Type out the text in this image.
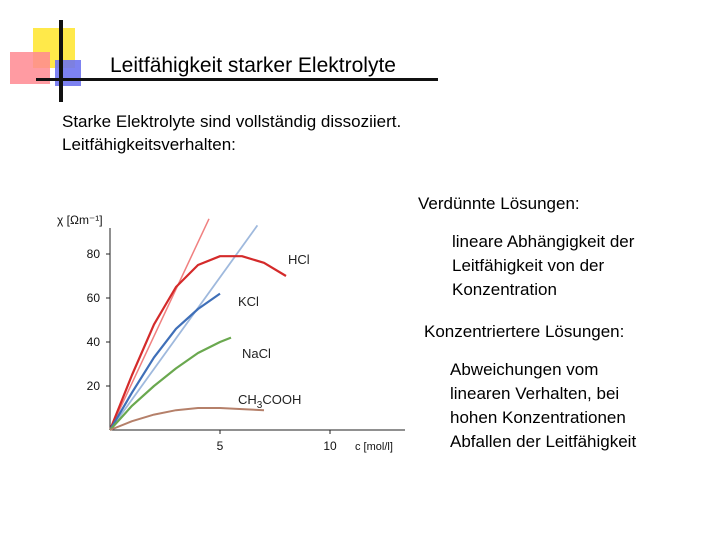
Leitfähigkeit starker Elektrolyte
Starke Elektrolyte sind vollständig dissoziiert.
Leitfähigkeitsverhalten:
χ [Ωm⁻¹]
c [mol/l]
20
40
60
80
5	10
HCl
KCl
NaCl
$CH_3COOH$
Verdünnte Lösungen:
lineare Abhängigkeit der
Leitfähigkeit von der
Konzentration
Konzentriertere Lösungen:
Abweichungen vom
linearen Verhalten, bei
hohen Konzentrationen
Abfallen der Leitfähigkeit
